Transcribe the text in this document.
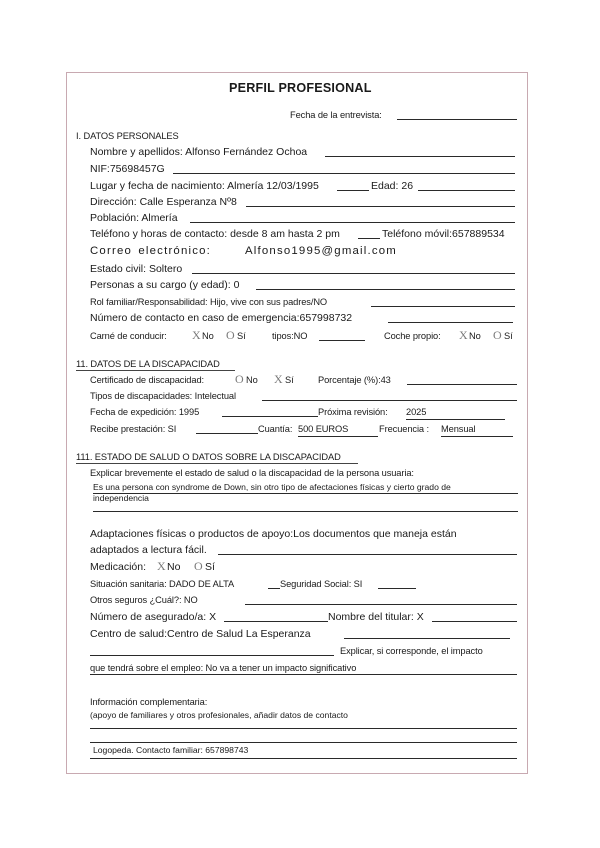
PERFIL PROFESIONAL
Fecha de la entrevista:
I. DATOS PERSONALES
Nombre y apellidos: Alfonso Fernández Ochoa
NIF:75698457G
Lugar y fecha de nacimiento: Almería 12/03/1995	Edad: 26
Dirección: Calle Esperanza Nº8
Población: Almería
Teléfono y horas de contacto: desde 8 am hasta 2 pm	Teléfono móvil:657889534
Correo electrónico:	Alfonso1995@gmail.com
Estado civil: Soltero
Personas a su cargo (y edad): 0
Rol familiar/Responsabilidad: Hijo, vive con sus padres/NO
Número de contacto en caso de emergencia:657998732
Carné de conducir: X No O Sí	tipos:NO	Coche propio: X No O Sí
11. DATOS DE LA DISCAPACIDAD
Certificado de discapacidad:	O No X Sí	Porcentaje (%):43
Tipos de discapacidades: Intelectual
Fecha de expedición: 1995	Próxima revisión: 2025
Recibe prestación: SI	Cuantía: 500 EUROS	Frecuencia : Mensual
111. ESTADO DE SALUD O DATOS SOBRE LA DISCAPACIDAD
Explicar brevemente el estado de salud o la discapacidad de la persona usuaria:
Es una persona con syndrome de Down, sin otro tipo de afectaciones físicas y cierto grado de
independencia
Adaptaciones físicas o productos de apoyo:Los documentos que maneja están
adaptados a lectura fácil.
Medicación: X No O Sí
Situación sanitaria: DADO DE ALTA	Seguridad Social: SI
Otros seguros ¿Cuál?: NO
Número de asegurado/a: X	Nombre del titular: X
Centro de salud:Centro de Salud La Esperanza
Explicar, si corresponde, el impacto
que tendrá sobre el empleo: No va a tener un impacto significativo
Información complementaria:
(apoyo de familiares y otros profesionales, añadir datos de contacto
Logopeda. Contacto familiar: 657898743
